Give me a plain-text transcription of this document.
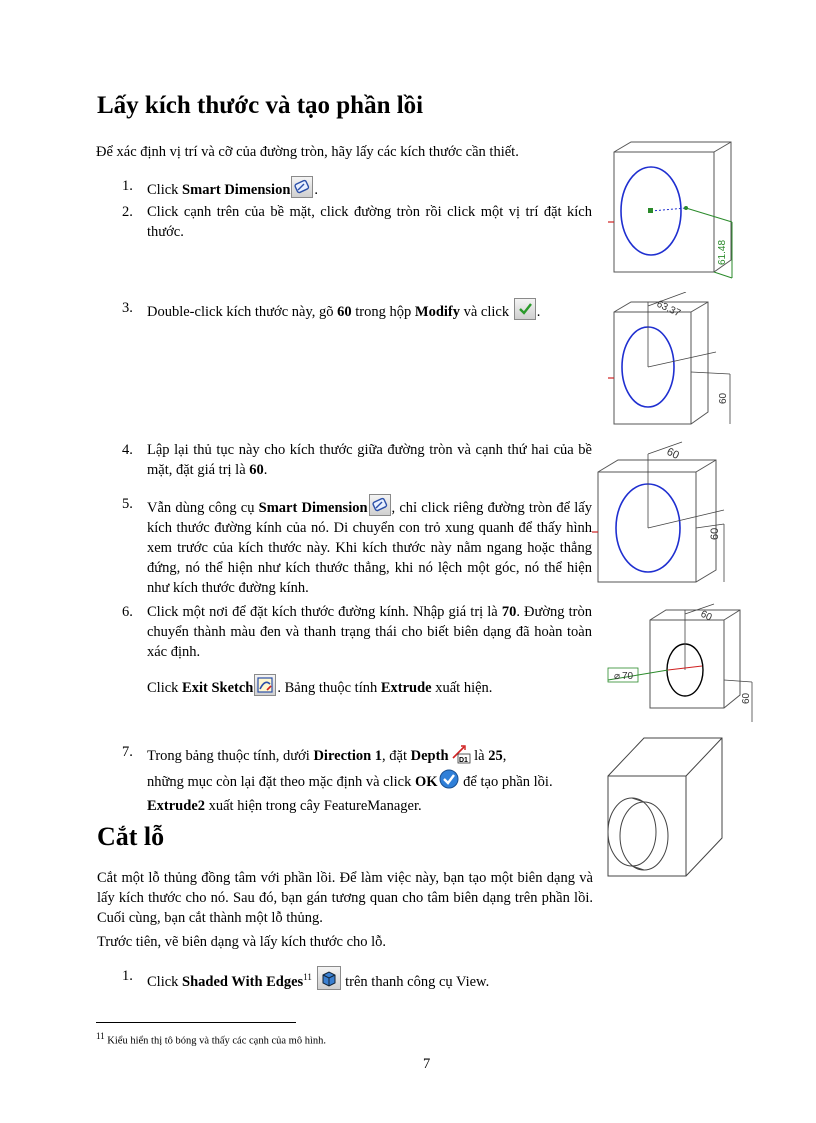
Lấy kích thước và tạo phần lồi
Để xác định vị trí và cỡ của đường tròn, hãy lấy các kích thước cần thiết.
1. Click Smart Dimension .
2. Click cạnh trên của bề mặt, click đường tròn rồi click một vị trí đặt kích thước.
3. Double-click kích thước này, gõ 60 trong hộp Modify và click
.
4. Lập lại thủ tục này cho kích thước giữa đường tròn và cạnh thứ hai của bề mặt, đặt giá trị là 60.
5. Vẫn dùng công cụ Smart Dimension , chỉ click riêng đường tròn để lấy kích thước đường kính của nó. Di chuyển con trỏ xung quanh để thấy hình xem trước của kích thước này. Khi kích thước này nằm ngang hoặc thẳng đứng, nó thể hiện như kích thước thẳng, khi nó lệch một góc, nó thể hiện như kích thước đường kính.
6. Click một nơi để đặt kích thước đường kính. Nhập giá trị là 70. Đường tròn chuyển thành màu đen và thanh trạng thái cho biết biên dạng đã hoàn toàn xác định.
Click Exit Sketch . Bảng thuộc tính Extrude xuất hiện.
7. Trong bảng thuộc tính, dưới Direction 1, đặt Depth D1 là 25,
những mục còn lại đặt theo mặc định và click OK để tạo phần lồi.
Extrude2 xuất hiện trong cây FeatureManager.
Cắt lỗ
Cắt một lỗ thủng đồng tâm với phần lồi. Để làm việc này, bạn tạo một biên dạng và lấy kích thước cho nó. Sau đó, bạn gán tương quan cho tâm biên dạng trên phần lồi. Cuối cùng, bạn cắt thành một lỗ thủng.
Trước tiên, vẽ biên dạng và lấy kích thước cho lỗ.
1. Click Shaded With Edges$^{11}$
trên thanh công cụ View.
61.48
63.37
60
60
60
⌀ 70
60
60
$^{11}$ Kiểu hiển thị tô bóng và thấy các cạnh của mô hình.
7
